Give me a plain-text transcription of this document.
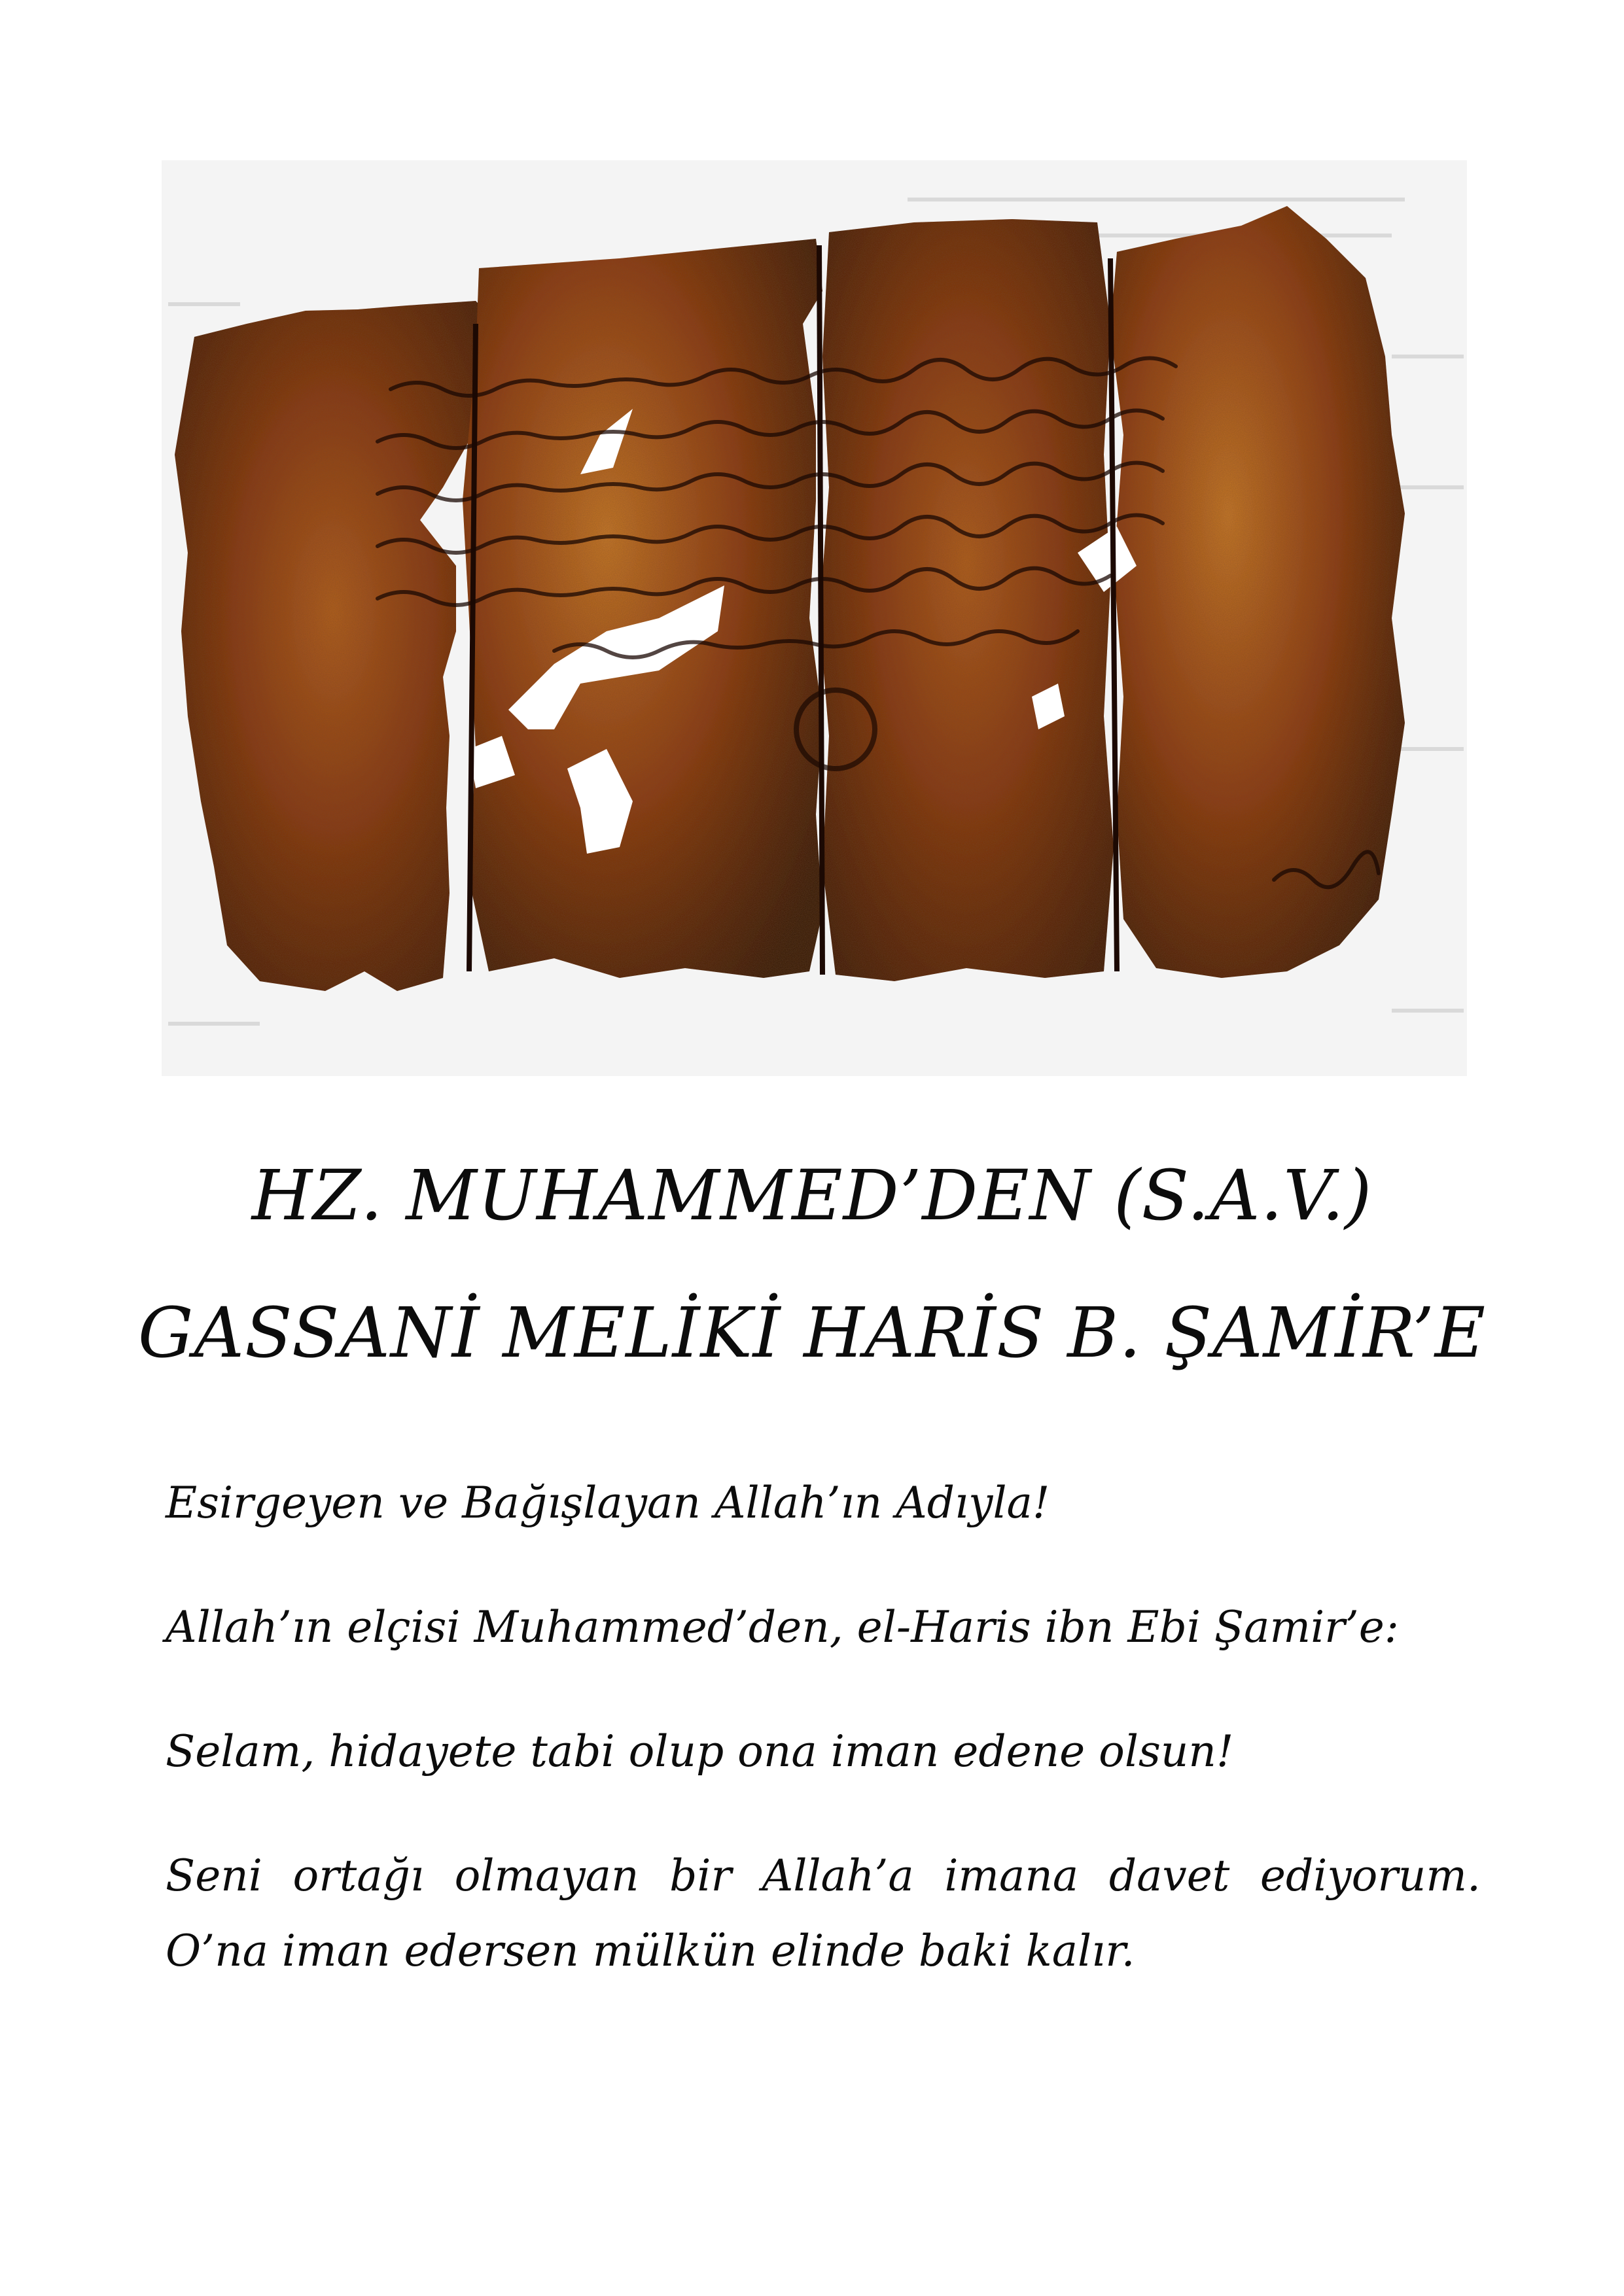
HZ. MUHAMMED’DEN (S.A.V.)
GASSANİ MELİKİ HARİS B. ŞAMİR’E
Esirgeyen ve Bağışlayan Allah’ın Adıyla!
Allah’ın elçisi Muhammed’den, el-Haris ibn Ebi Şamir’e:
Selam, hidayete tabi olup ona iman edene olsun!
Seni ortağı olmayan bir Allah’a imana davet ediyorum.
O’na iman edersen mülkün elinde baki kalır.
